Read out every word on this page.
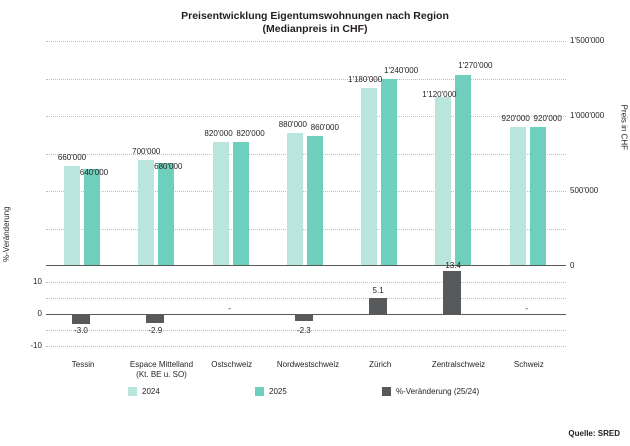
Preisentwicklung Eigentumswohnungen nach Region
(Medianpreis in CHF)
660'000
640'000
700'000
680'000
820'000 820'000
880'000 860'000
1'180'000
1'240'000
1'120'000
1'270'000
920'000 920'000
1'500'000
1'000'000
500'000
0
Preis in CHF
-3.0	-2.9
-
-2.3
5.1
13.4
-
10
0
-10
%-Veränderung
Tessin	Espace Mittelland
(Kt. BE u. SO)
Ostschweiz	Nordwestschweiz	Zürich	Zentralschweiz	Schweiz
2024	2025	%-Veränderung (25/24)
Quelle: SRED
